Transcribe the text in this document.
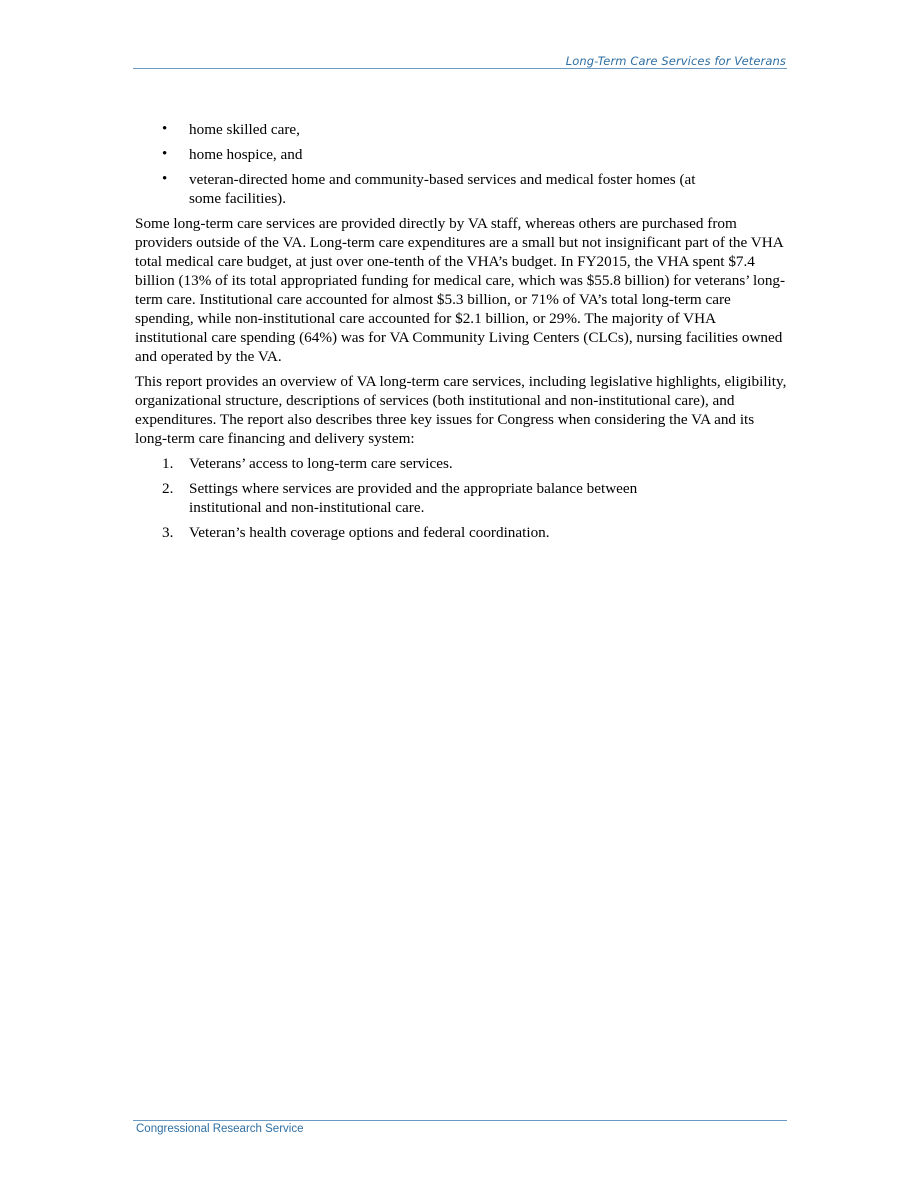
Long-Term Care Services for Veterans
• home skilled care,
• home hospice, and
• veteran-directed home and community-based services and medical foster homes (at some facilities).

Some long-term care services are provided directly by VA staff, whereas others are purchased from providers outside of the VA. Long-term care expenditures are a small but not insignificant part of the VHA total medical care budget, at just over one-tenth of the VHA’s budget. In FY2015, the VHA spent $7.4 billion (13% of its total appropriated funding for medical care, which was $55.8 billion) for veterans’ long-term care. Institutional care accounted for almost $5.3 billion, or 71% of VA’s total long-term care spending, while non-institutional care accounted for $2.1 billion, or 29%. The majority of VHA institutional care spending (64%) was for VA Community Living Centers (CLCs), nursing facilities owned and operated by the VA.

This report provides an overview of VA long-term care services, including legislative highlights, eligibility, organizational structure, descriptions of services (both institutional and non-institutional care), and expenditures. The report also describes three key issues for Congress when considering the VA and its long-term care financing and delivery system:

1. Veterans’ access to long-term care services.
2. Settings where services are provided and the appropriate balance between institutional and non-institutional care.
3. Veteran’s health coverage options and federal coordination.
Congressional Research Service
